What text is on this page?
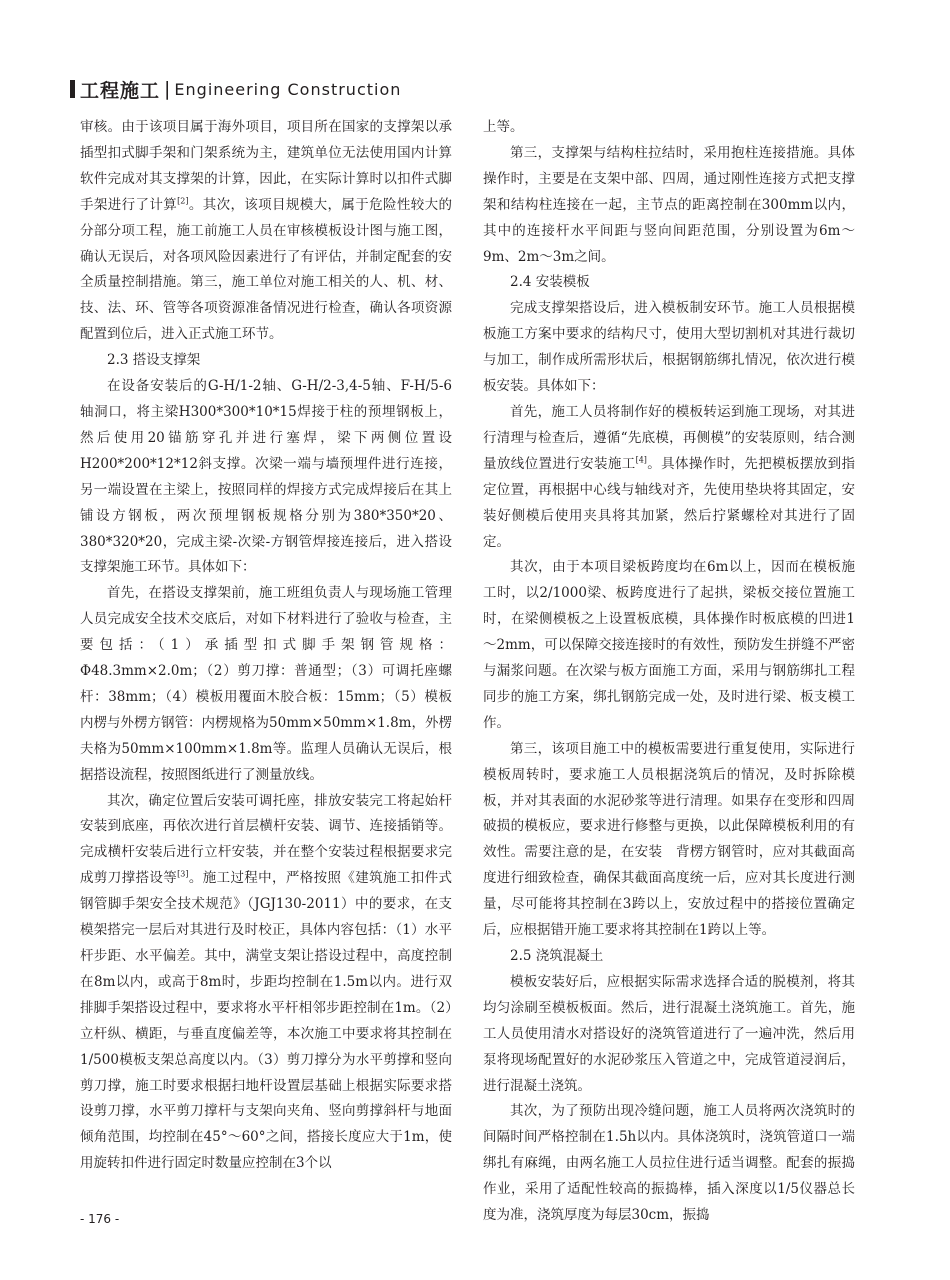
工程施工 | Engineering Construction

审核。由于该项目属于海外项目，项目所在国家的支撑架以承插型扣式脚手架和门架系统为主，建筑单位无法使用国内计算软件完成对其支撑架的计算，因此，在实际计算时以扣件式脚手架进行了计算[2]。其次，该项目规模大，属于危险性较大的分部分项工程，施工前施工人员在审核模板设计图与施工图，确认无误后，对各项风险因素进行了有评估，并制定配套的安全质量控制措施。第三，施工单位对施工相关的人、机、材、技、法、环、管等各项资源准备情况进行检查，确认各项资源配置到位后，进入正式施工环节。

2.3 搭设支撑架

在设备安装后的G-H/1-2轴、G-H/2-3,4-5轴、F-H/5-6轴洞口，将主梁H300*300*10*15焊接于柱的预埋钢板上，然后使用20锚筋穿孔并进行塞焊，梁下两侧位置设H200*200*12*12斜支撑。次梁一端与墙预埋件进行连接，另一端设置在主梁上，按照同样的焊接方式完成焊接后在其上铺设方钢板，两次预埋钢板规格分别为380*350*20、380*320*20，完成主梁-次梁-方钢管焊接连接后，进入搭设支撑架施工环节。具体如下：

首先，在搭设支撑架前，施工班组负责人与现场施工管理人员完成安全技术交底后，对如下材料进行了验收与检查，主要包括：（1）承插型扣式脚手架钢管规格：Φ48.3mm×2.0m；（2）剪刀撑：普通型；（3）可调托座螺杆：38mm；（4）模板用覆面木胶合板：15mm；（5）模板内楞与外楞方钢管：内楞规格为50mm×50mm×1.8m，外楞夫格为50mm×100mm×1.8m等。监理人员确认无误后，根据搭设流程，按照图纸进行了测量放线。

其次，确定位置后安装可调托座，排放安装完工将起始杆安装到底座，再依次进行首层横杆安装、调节、连接插销等。完成横杆安装后进行立杆安装，并在整个安装过程根据要求完成剪刀撑搭设等[3]。施工过程中，严格按照《建筑施工扣件式钢管脚手架安全技术规范》（JGJ130-2011）中的要求，在支模架搭完一层后对其进行及时校正，具体内容包括：（1）水平杆步距、水平偏差。其中，满堂支架让搭设过程中，高度控制在8m以内，或高于8m时，步距均控制在1.5m以内。进行双排脚手架搭设过程中，要求将水平杆相邻步距控制在1m。（2）立杆纵、横距，与垂直度偏差等，本次施工中要求将其控制在1/500模板支架总高度以内。（3）剪刀撑分为水平剪撑和竖向剪刀撑，施工时要求根据扫地杆设置层基础上根据实际要求搭设剪刀撑，水平剪刀撑杆与支架向夹角、竖向剪撑斜杆与地面倾角范围，均控制在45°～60°之间，搭接长度应大于1m，使用旋转扣件进行固定时数量应控制在3个以

上等。

第三，支撑架与结构柱拉结时，采用抱柱连接措施。具体操作时，主要是在支架中部、四周，通过刚性连接方式把支撑架和结构柱连接在一起，主节点的距离控制在300mm以内，其中的连接杆水平间距与竖向间距范围，分别设置为6m～9m、2m～3m之间。

2.4 安装模板

完成支撑架搭设后，进入模板制安环节。施工人员根据模板施工方案中要求的结构尺寸，使用大型切割机对其进行裁切与加工，制作成所需形状后，根据钢筋绑扎情况，依次进行模板安装。具体如下：

首先，施工人员将制作好的模板转运到施工现场，对其进行清理与检查后，遵循“先底模，再侧模”的安装原则，结合测量放线位置进行安装施工[4]。具体操作时，先把模板摆放到指定位置，再根据中心线与轴线对齐，先使用垫块将其固定，安装好侧模后使用夹具将其加紧，然后拧紧螺栓对其进行了固定。

其次，由于本项目梁板跨度均在6m以上，因而在模板施工时，以2/1000梁、板跨度进行了起拱，梁板交接位置施工时，在梁侧模板之上设置板底模，具体操作时板底模的凹进1～2mm，可以保障交接连接时的有效性，预防发生拼缝不严密与漏浆问题。在次梁与板方面施工方面，采用与钢筋绑扎工程同步的施工方案，绑扎钢筋完成一处，及时进行梁、板支模工作。

第三，该项目施工中的模板需要进行重复使用，实际进行模板周转时，要求施工人员根据浇筑后的情况，及时拆除模板，并对其表面的水泥砂浆等进行清理。如果存在变形和四周破损的模板应，要求进行修整与更换，以此保障模板利用的有效性。需要注意的是，在安装　背楞方钢管时，应对其截面高度进行细致检查，确保其截面高度统一后，应对其长度进行测量，尽可能将其控制在3跨以上，安放过程中的搭接位置确定后，应根据错开施工要求将其控制在1跨以上等。

2.5 浇筑混凝土

模板安装好后，应根据实际需求选择合适的脱模剂，将其均匀涂刷至模板板面。然后，进行混凝土浇筑施工。首先，施工人员使用清水对搭设好的浇筑管道进行了一遍冲洗，然后用泵将现场配置好的水泥砂浆压入管道之中，完成管道浸润后，进行混凝土浇筑。

其次，为了预防出现冷缝问题，施工人员将两次浇筑时的间隔时间严格控制在1.5h以内。具体浇筑时，浇筑管道口一端绑扎有麻绳，由两名施工人员拉住进行适当调整。配套的振捣作业，采用了适配性较高的振捣棒，插入深度以1/5仪器总长度为准，浇筑厚度为每层30cm，振捣

- 176 -
